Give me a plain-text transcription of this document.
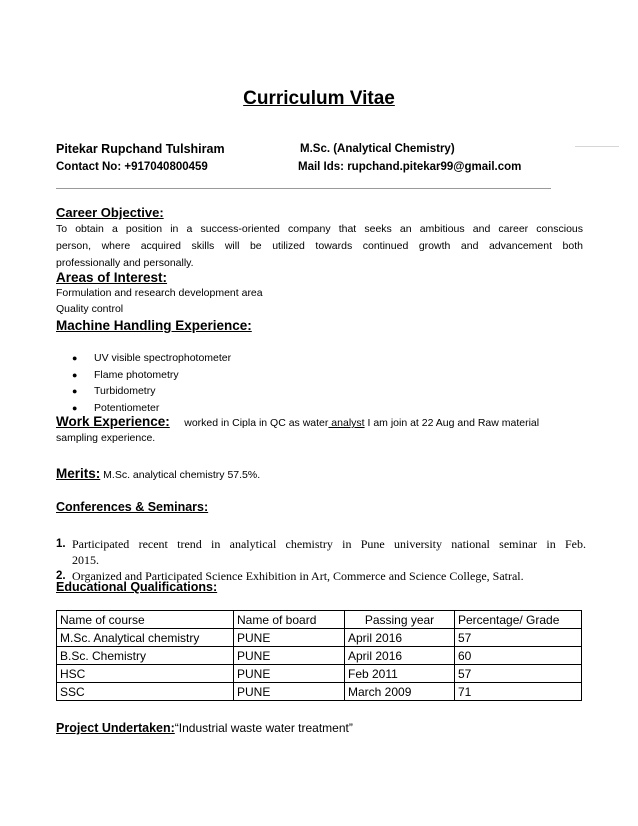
Curriculum Vitae
Pitekar Rupchand Tulshiram	M.Sc. (Analytical Chemistry)
Contact No: +917040800459	Mail Ids: rupchand.pitekar99@gmail.com
Career Objective:
To obtain a position in a success-oriented company that seeks an ambitious and career conscious
person, where acquired skills will be utilized towards continued growth and advancement both
professionally and personally.
Areas of Interest:
Formulation and research development area
Quality control
Machine Handling Experience:
● UV visible spectrophotometer
● Flame photometry
● Turbidometry
● Potentiometer
Work Experience: worked in Cipla in QC as water analyst I am join at 22 Aug and Raw material
sampling experience.
Merits: M.Sc. analytical chemistry 57.5%.
Conferences & Seminars:
1. Participated recent trend in analytical chemistry in Pune university national seminar in Feb.
2015.
2. Organized and Participated Science Exhibition in Art, Commerce and Science College, Satral.
Educational Qualifications:
Name of course	Name of board	Passing year	Percentage/ Grade
M.Sc. Analytical chemistry	PUNE	April 2016	57
B.Sc. Chemistry	PUNE	April 2016	60
HSC	PUNE	Feb 2011	57
SSC	PUNE	March 2009	71
Project Undertaken:“Industrial waste water treatment”
